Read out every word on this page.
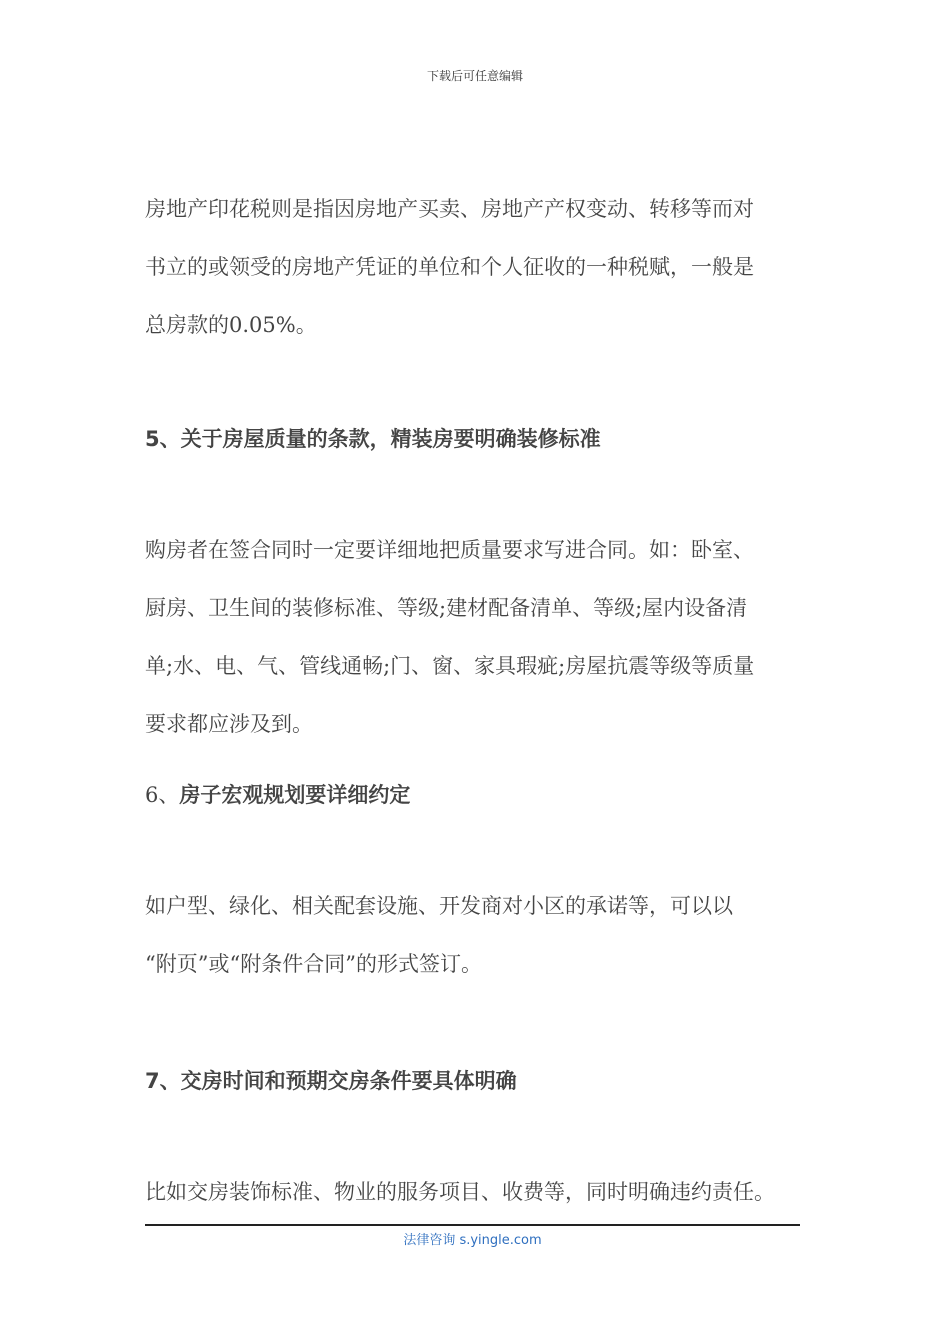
下载后可任意编辑
房地产印花税则是指因房地产买卖、房地产产权变动、转移等而对
书立的或领受的房地产凭证的单位和个人征收的一种税赋，一般是
总房款的0.05%。
5、关于房屋质量的条款，精装房要明确装修标准
购房者在签合同时一定要详细地把质量要求写进合同。如：卧室、
厨房、卫生间的装修标准、等级;建材配备清单、等级;屋内设备清
单;水、电、气、管线通畅;门、窗、家具瑕疵;房屋抗震等级等质量
要求都应涉及到。
6、房子宏观规划要详细约定
如户型、绿化、相关配套设施、开发商对小区的承诺等，可以以
“附页”或“附条件合同”的形式签订。
7、交房时间和预期交房条件要具体明确
比如交房装饰标准、物业的服务项目、收费等，同时明确违约责任。
法律咨询 s.yingle.com
